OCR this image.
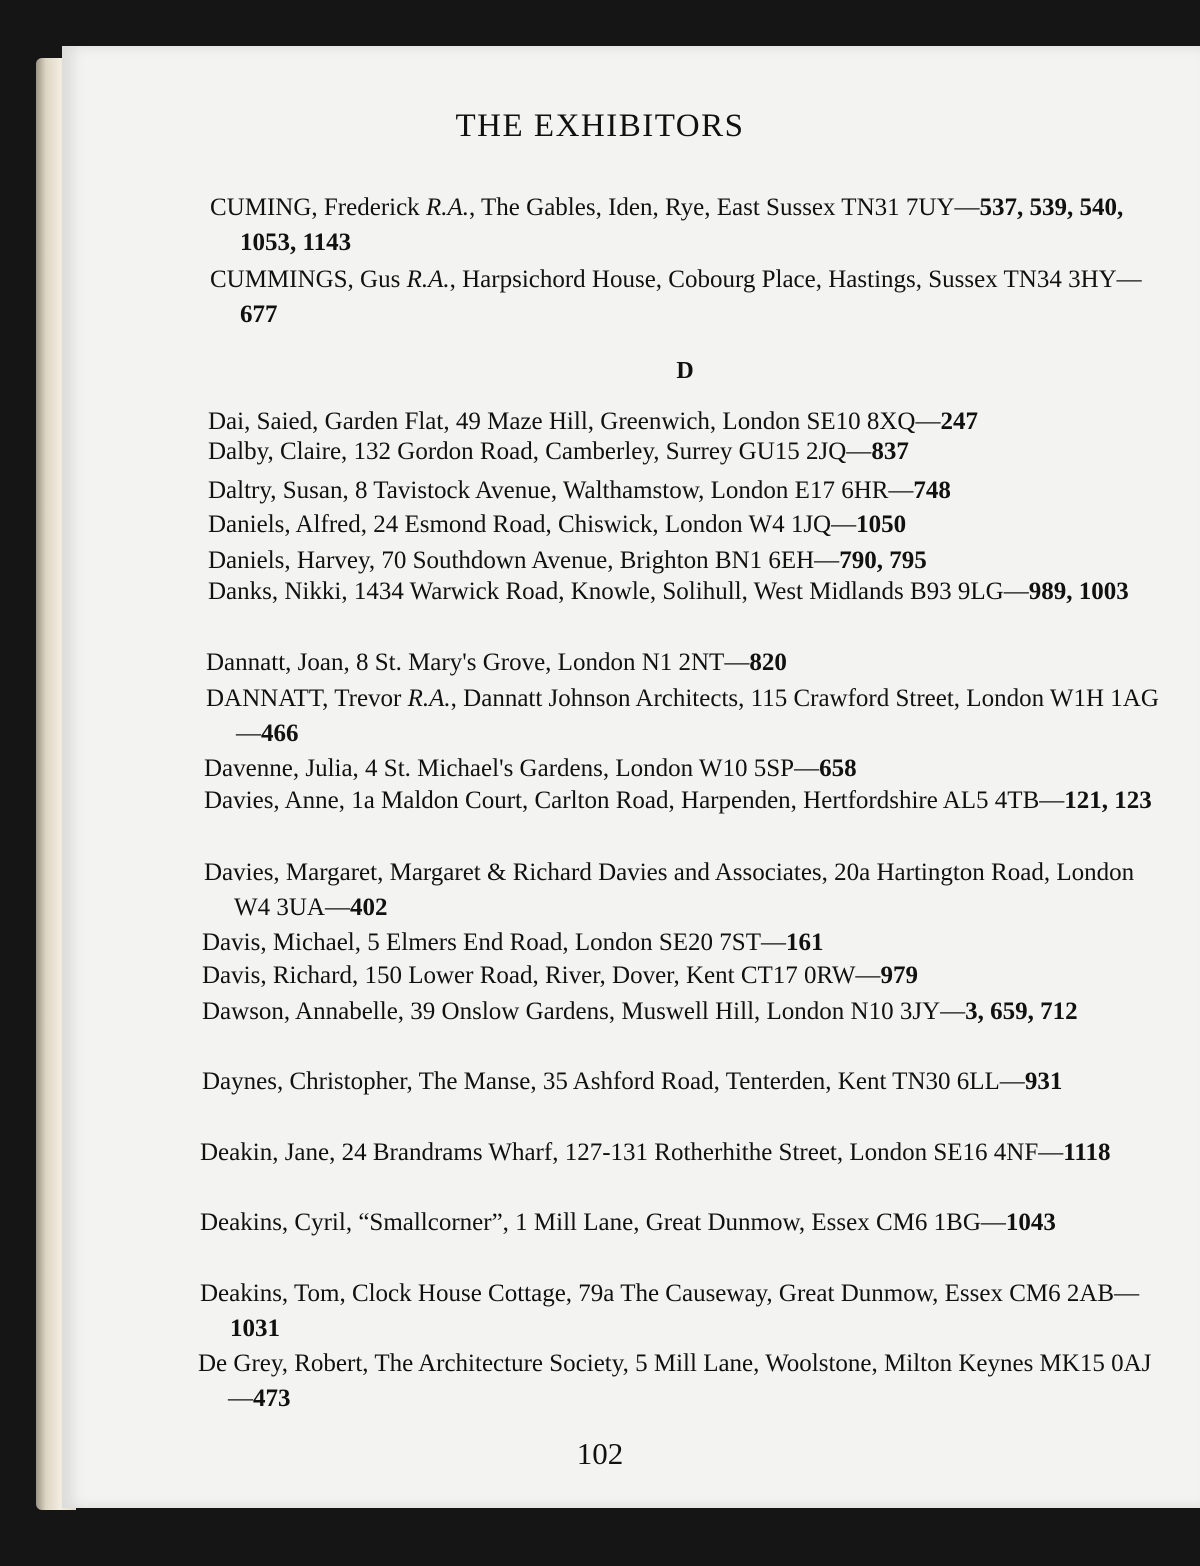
THE EXHIBITORS
D
CUMING, Frederick R.A., The Gables, Iden, Rye, East Sussex TN31 7UY—537, 539, 540, 1053, 1143
CUMMINGS, Gus R.A., Harpsichord House, Cobourg Place, Hastings, Sussex TN34 3HY—677
Dai, Saied, Garden Flat, 49 Maze Hill, Greenwich, London SE10 8XQ—247
Dalby, Claire, 132 Gordon Road, Camberley, Surrey GU15 2JQ—837
Daltry, Susan, 8 Tavistock Avenue, Walthamstow, London E17 6HR—748
Daniels, Alfred, 24 Esmond Road, Chiswick, London W4 1JQ—1050
Daniels, Harvey, 70 Southdown Avenue, Brighton BN1 6EH—790, 795
Danks, Nikki, 1434 Warwick Road, Knowle, Solihull, West Midlands B93 9LG—989, 1003
Dannatt, Joan, 8 St. Mary's Grove, London N1 2NT—820
DANNATT, Trevor R.A., Dannatt Johnson Architects, 115 Crawford Street, London W1H 1AG—466
Davenne, Julia, 4 St. Michael's Gardens, London W10 5SP—658
Davies, Anne, 1a Maldon Court, Carlton Road, Harpenden, Hertfordshire AL5 4TB—121, 123
Davies, Margaret, Margaret & Richard Davies and Associates, 20a Hartington Road, London W4 3UA—402
Davis, Michael, 5 Elmers End Road, London SE20 7ST—161
Davis, Richard, 150 Lower Road, River, Dover, Kent CT17 0RW—979
Dawson, Annabelle, 39 Onslow Gardens, Muswell Hill, London N10 3JY—3, 659, 712
Daynes, Christopher, The Manse, 35 Ashford Road, Tenterden, Kent TN30 6LL—931
Deakin, Jane, 24 Brandrams Wharf, 127-131 Rotherhithe Street, London SE16 4NF—1118
Deakins, Cyril, “Smallcorner”, 1 Mill Lane, Great Dunmow, Essex CM6 1BG—1043
Deakins, Tom, Clock House Cottage, 79a The Causeway, Great Dunmow, Essex CM6 2AB—1031
De Grey, Robert, The Architecture Society, 5 Mill Lane, Woolstone, Milton Keynes MK15 0AJ—473
102
